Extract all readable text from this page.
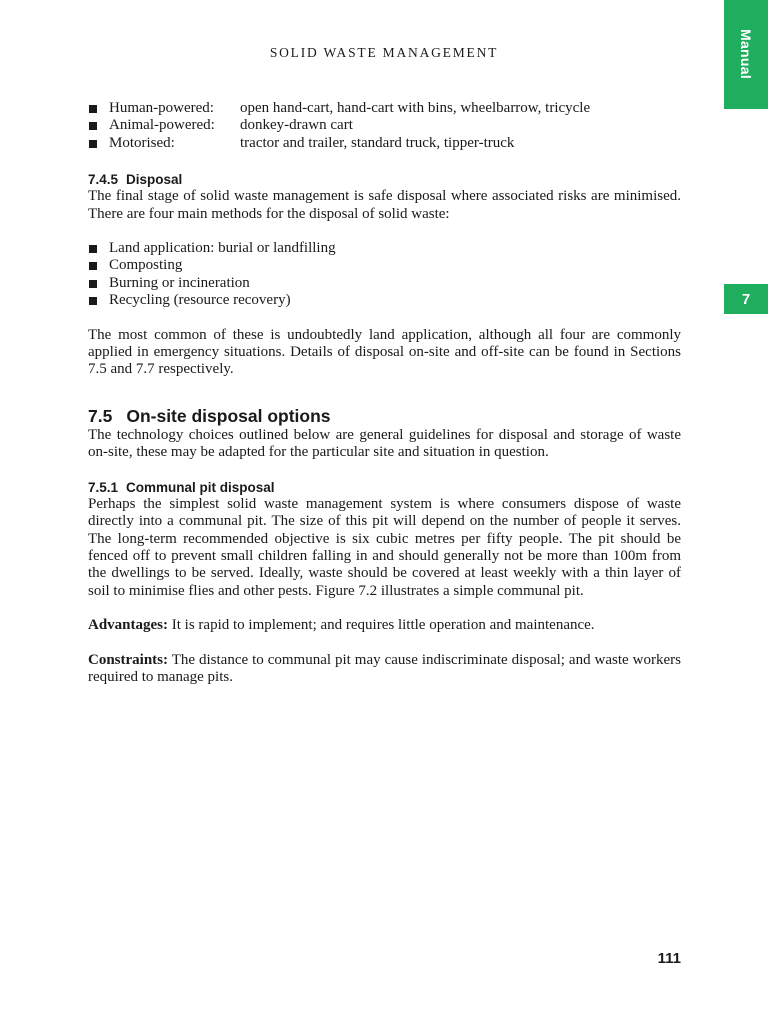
Manual
7
SOLID WASTE MANAGEMENT
Human-powered: open hand-cart, hand-cart with bins, wheelbarrow, tricycle
Animal-powered: donkey-drawn cart
Motorised:	tractor and trailer, standard truck, tipper-truck
7.4.5 Disposal

The final stage of solid waste management is safe disposal where associated risks are minimised. There are four main methods for the disposal of solid waste:

Land application: burial or landfilling
Composting
Burning or incineration
Recycling (resource recovery)

The most common of these is undoubtedly land application, although all four are commonly applied in emergency situations. Details of disposal on-site and off-site can be found in Sections 7.5 and 7.7 respectively.

7.5 On-site disposal options

The technology choices outlined below are general guidelines for disposal and storage of waste on-site, these may be adapted for the particular site and situation in question.

7.5.1 Communal pit disposal

Perhaps the simplest solid waste management system is where consumers dispose of waste directly into a communal pit. The size of this pit will depend on the number of people it serves. The long-term recommended objective is six cubic metres per fifty people. The pit should be fenced off to prevent small children falling in and should generally not be more than 100m from the dwellings to be served. Ideally, waste should be covered at least weekly with a thin layer of soil to minimise flies and other pests. Figure 7.2 illustrates a simple communal pit.

Advantages: It is rapid to implement; and requires little operation and maintenance.

Constraints: The distance to communal pit may cause indiscriminate disposal; and waste workers required to manage pits.

111
